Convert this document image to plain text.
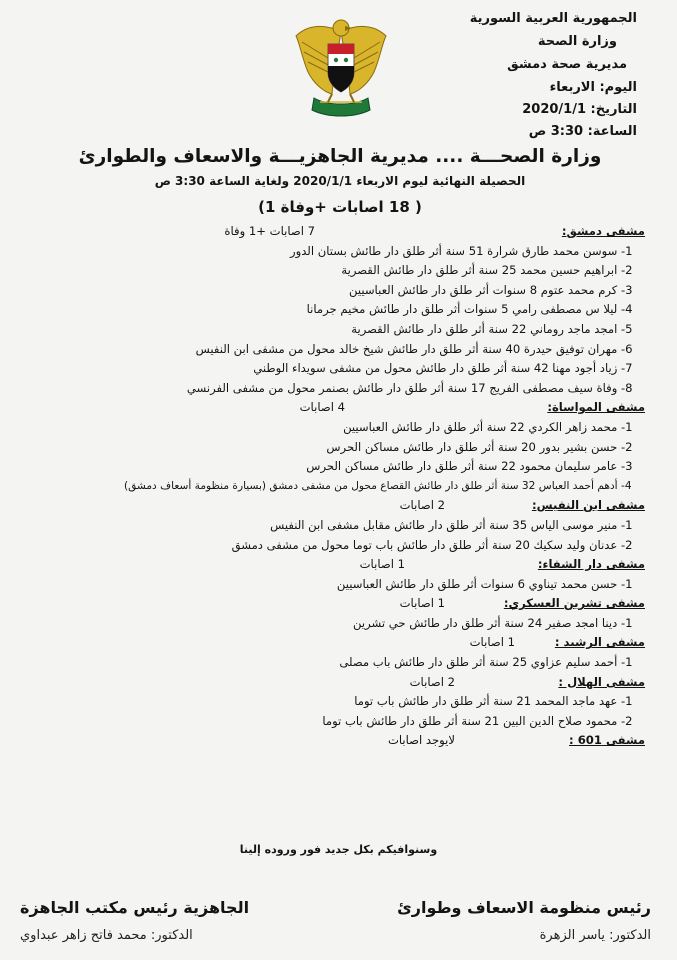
الجمهورية العربية السورية
وزارة الصحة
مديرية صحة دمشق
اليوم: الاربعاء
التاريخ: 2020/1/1
الساعة: 3:30 ص
وزارة الصحـــة .... مديرية الجاهزيـــة والاسعاف والطوارئ
الحصيلة النهائية ليوم الاربعاء 2020/1/1 ولغاية الساعة 3:30 ص
( 18 اصابات +وفاة 1)
مشفى دمشق:
7 اصابات +1 وفاة
-1 سوسن محمد طارق شرارة 51 سنة أثر طلق دار طائش بستان الدور
-2 ابراهيم حسين محمد 25 سنة أثر طلق دار طائش القصرية
-3 كرم محمد عتوم 8 سنوات أثر طلق دار طائش العباسيين
-4 ليلا س مصطفى رامي 5 سنوات أثر طلق دار طائش مخيم جرمانا
-5 امجد ماجد روماني 22 سنة أثر طلق دار طائش القصرية
-6 مهران توفيق حيدرة 40 سنة أثر طلق دار طائش شيخ خالد محول من مشفى ابن النفيس
-7 زياد أجود مهنا 42 سنة أثر طلق دار طائش محول من مشفى سويداء الوطني
-8 وفاة سيف مصطفى الفريج 17 سنة أثر طلق دار طائش بصنمر محول من مشفى الفرنسي
مشفى المواساة:
4 اصابات
-1 محمد زاهر الكردي 22 سنة أثر طلق دار طائش العباسيين
-2 حسن بشير بدور 20 سنة أثر طلق دار طائش مساكن الحرس
-3 عامر سليمان محمود 22 سنة أثر طلق دار طائش مساكن الحرس
-4 أدهم أحمد العباس 32 سنة أثر طلق دار طائش القصاع محول من مشفى دمشق (بسيارة منظومة أسعاف دمشق)
مشفى ابن النفيس:
2 اصابات
-1 منير موسى الياس 35 سنة أثر طلق دار طائش مقابل مشفى ابن النفيس
-2 عدنان وليد سكيك 20 سنة أثر طلق دار طائش باب توما محول من مشفى دمشق
مشفى دار الشفاء:
1 اصابات
-1 حسن محمد تيناوي 6 سنوات أثر طلق دار طائش العباسيين
مشفى تشرين العسكري:
1 اصابات
-1 دينا امجد صفير 24 سنة أثر طلق دار طائش حي تشرين
مشفى الرشيد :
1 اصابات
-1 أحمد سليم عزاوي 25 سنة أثر طلق دار طائش باب مصلى
مشفى الهلال :
2 اصابات
-1 عهد ماجد المحمد 21 سنة أثر طلق دار طائش باب توما
-2 محمود صلاح الدين البين 21 سنة أثر طلق دار طائش باب توما
مشفى 601 :
لايوجد اصابات
وسنوافيكم بكل جديد فور وروده إلينا
رئيس منظومة الاسعاف وطوارئ
الدكتور: ياسر الزهرة
الجاهزية رئيس مكتب الجاهزة
الدكتور: محمد فاتح زاهر عبداوي
